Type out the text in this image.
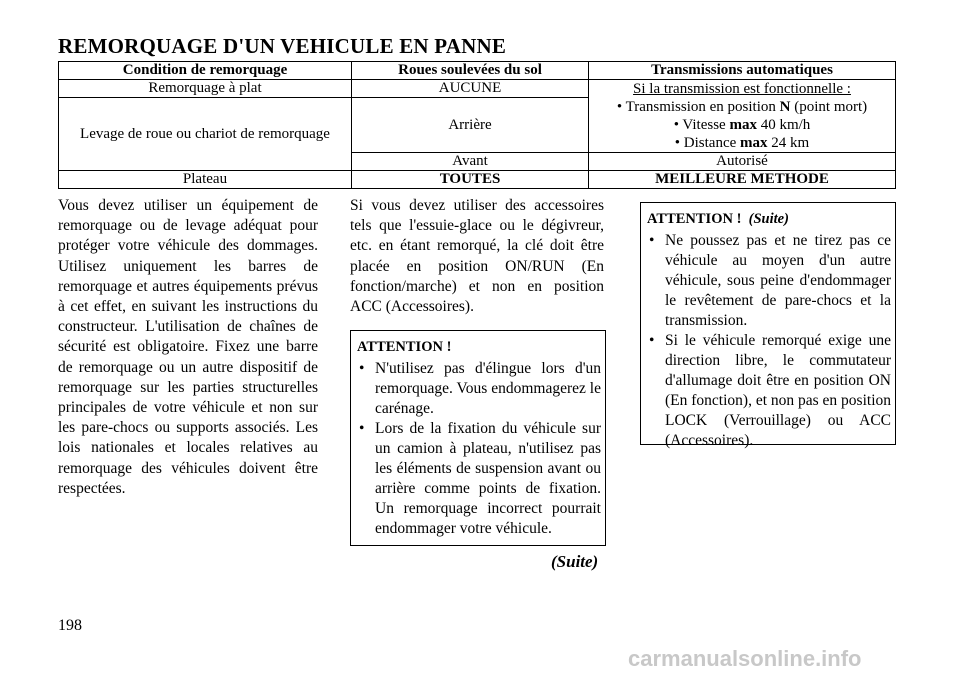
REMORQUAGE D'UN VEHICULE EN PANNE
Condition de remorquage	Roues soulevées du sol	Transmissions automatiques
Remorquage à plat	AUCUNE	Si la transmission est fonctionnelle :
• Transmission en position N (point mort)
• Vitesse max 40 km/h
• Distance max 24 km

Levage de roue ou chariot de remorquage	Arrière	
	Avant	Autorisé
Plateau	TOUTES	MEILLEURE METHODE
Vous devez utiliser un équipement de remorquage ou de levage adéquat pour protéger votre véhicule des dommages. Utilisez uniquement les barres de remorquage et autres équipements prévus à cet effet, en suivant les instructions du constructeur. L'utilisation de chaînes de sécurité est obligatoire. Fixez une barre de remorquage ou un autre dispositif de remorquage sur les parties structurelles principales de votre véhicule et non sur les pare-chocs ou supports associés. Les lois nationales et locales relatives au remorquage des véhicules doivent être respectées.
Si vous devez utiliser des accessoires tels que l'essuie-glace ou le dégivreur, etc. en étant remorqué, la clé doit être placée en position ON/RUN (En fonction/marche) et non en position ACC (Accessoires).
ATTENTION !
• N'utilisez pas d'élingue lors d'un remorquage. Vous endommagerez le carénage.
• Lors de la fixation du véhicule sur un camion à plateau, n'utilisez pas les éléments de suspension avant ou arrière comme points de fixation. Un remorquage incorrect pourrait endommager votre véhicule.
(Suite)
ATTENTION ! (Suite)
• Ne poussez pas et ne tirez pas ce véhicule au moyen d'un autre véhicule, sous peine d'endommager le revêtement de pare-chocs et la transmission.
• Si le véhicule remorqué exige une direction libre, le commutateur d'allumage doit être en position ON (En fonction), et non pas en position LOCK (Verrouillage) ou ACC (Accessoires).
198
carmanualsonline.info
